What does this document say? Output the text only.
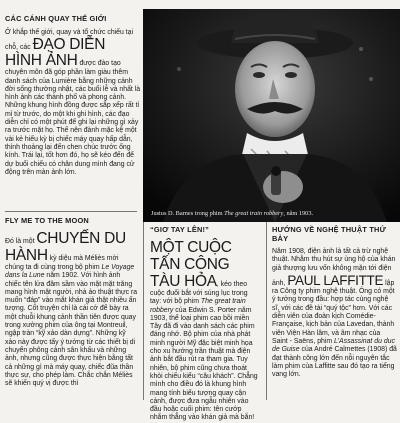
CÁC CÁNH QUAY THẾ GIỚI

Ở khắp thế giới, quay và tổ chức chiếu tại chỗ, các ĐẠO DIỄN HÌNH ẢNH được đào tạo chuyên môn đã góp phần làm giàu thêm danh sách của Lumière bằng những cảnh đời sống thường nhật, các buổi lễ và nhất là hình ảnh các thành phố và phong cảnh. Những khung hình đồng được sắp xếp rất tỉ mỉ từ trước, do một khi ghi hình, các đạo diễn chỉ có một phút để ghi lại những gì xảy ra trước mặt họ. Thế nên đành mặc kệ một vài kẻ hiếu kỳ bị chiếc máy quay hấp dẫn, thỉnh thoảng lại đến chen chúc trước ống kính. Trái lại, tốt hơn đó, họ sẽ kéo đến để dự buổi chiếu có chân dung mình đang cử động trên màn ảnh lớn.

Justus D. Barnes trong phim The great train robbery, năm 1903.
FLY ME TO THE MOON

Đó là một CHUYẾN DU HÀNH kỳ diệu mà Méliès mời chúng ta đi cùng trong bộ phim Le Voyage dans la Lune năm 1902. Với hình ảnh chiếc tên lửa đâm sầm vào mặt mặt trăng mang hình mặt người, nhà ảo thuật thực ra muốn “đáp” vào mắt khán giả thật nhiều ấn tượng. Cốt truyện chỉ là cái cớ để bày ra một chuỗi khung cảnh thần tiên được quay trong xưởng phim của ông tại Montreuil, ngập tràn “kỹ xảo dàn dựng”. Những kỹ xảo này được tấy ý tưởng từ các thiết bị di chuyển phông cảnh sân khấu và những ảnh, nhưng cũng được thực hiện bằng tất cả những gì mà máy quay, chiếc đũa thần thực sự, cho phép làm. Chắc chắn Méliès sẽ khiến quý vị được thì

“GIƠ TAY LÊN!”

MỘT CUỘC TẤN CÔNG TÀU HỎA, kéo theo cuộc đuổi bắt với súng lục trong tay: với bộ phim The great train robbery của Edwin S. Porter năm 1903, thể loại phim cao bồi miền Tây đã đi vào danh sách các phim đáng nhớ. Bộ phim của nhà phát minh người Mỹ đặc biệt minh họa cho xu hướng trần thuật mà điện ảnh bắt đầu rút ra tham gia. Tuy nhiên, bộ phim cũng chưa thoát khỏi chiếu kiểu “câu khách”. Chẳng mình cho điều đó là khung hình mang tính biểu tượng quay cận cảnh, được đưa ngẫu nhiên vào đầu hoặc cuối phim: tên cướp nhắm thẳng vào khán giả mà bắn!

HƯỚNG VỀ NGHỆ THUẬT THỨ BẢY

Năm 1908, điện ảnh là tất cả trừ nghệ thuật. Nhằm thu hút sự ủng hộ của khán giả thượng lưu vốn không mặn tới điện ảnh, PAUL LAFFITTE lập ra Công ty phim nghệ thuật. Ông có một ý tưởng trong đầu: hợp tác cùng nghệ sĩ, với các đề tài “quý tộc” hơn. Với các diễn viên của đoàn kịch Comédie-Française, kịch bản của Lavedan, thành viên Viện Hàn lâm, và âm nhạc của Saint - Saëns, phim L’Assassinat du duc de Guise của André Calmettes (1908) đã đạt thành công lớn đến nỗi nguyên tắc làm phim của Laffitte sau đó tạo ra tiếng vang lớn.
